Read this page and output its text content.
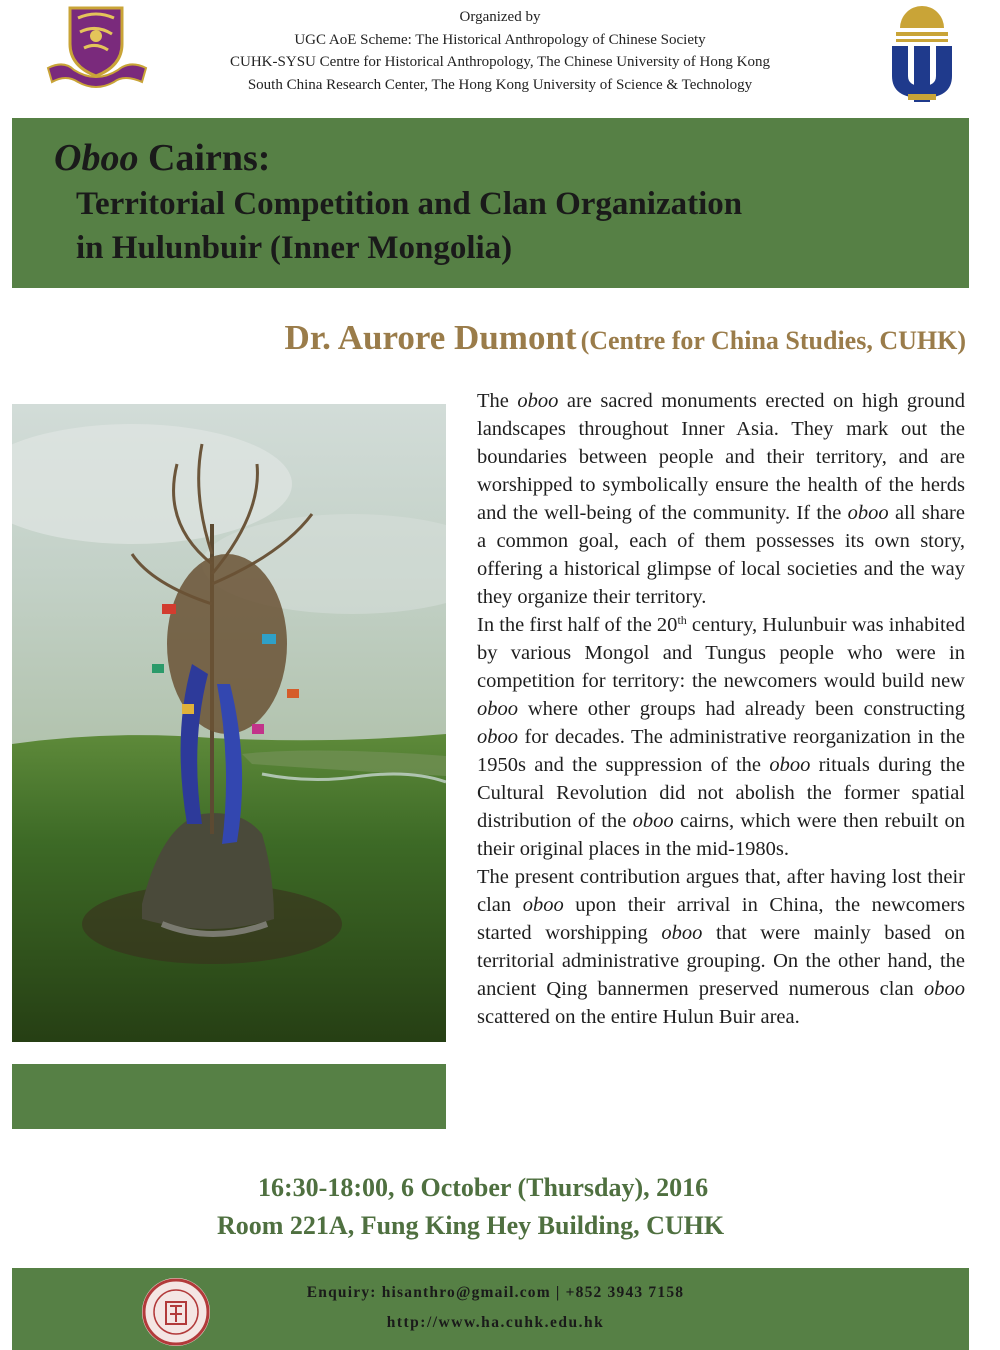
Organized by
UGC AoE Scheme: The Historical Anthropology of Chinese Society
CUHK-SYSU Centre for Historical Anthropology, The Chinese University of Hong Kong
South China Research Center, The Hong Kong University of Science & Technology
Oboo Cairns:
Territorial Competition and Clan Organization
in Hulunbuir (Inner Mongolia)
Dr. Aurore Dumont (Centre for China Studies, CUHK)

The oboo are sacred monuments erected on high ground landscapes throughout Inner Asia. They mark out the boundaries between people and their territory, and are worshipped to symbolically ensure the health of the herds and the well-being of the community. If the oboo all share a common goal, each of them possesses its own story, offering a historical glimpse of local societies and the way they organize their territory.

In the first half of the 20th century, Hulunbuir was inhabited by various Mongol and Tungus people who were in competition for territory: the newcomers would build new oboo where other groups had already been constructing oboo for decades. The administrative reorganization in the 1950s and the suppression of the oboo rituals during the Cultural Revolution did not abolish the former spatial distribution of the oboo cairns, which were then rebuilt on their original places in the mid-1980s.

The present contribution argues that, after having lost their clan oboo upon their arrival in China, the newcomers started worshipping oboo that were mainly based on territorial administrative grouping. On the other hand, the ancient Qing bannermen preserved numerous clan oboo scattered on the entire Hulun Buir area.

16:30-18:00, 6 October (Thursday), 2016
Room 221A, Fung King Hey Building, CUHK
Enquiry: hisanthro@gmail.com | +852 3943 7158
http://www.ha.cuhk.edu.hk
